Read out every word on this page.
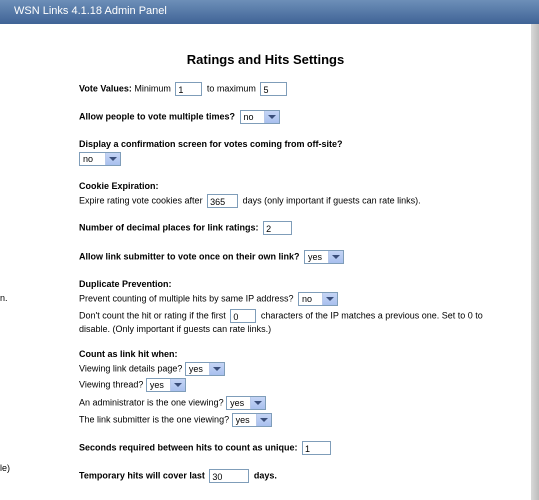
WSN Links 4.1.18 Admin Panel
n.
le)
Ratings and Hits Settings
Vote Values: Minimum 1	to maximum 5
Allow people to vote multiple times? no
Display a confirmation screen for votes coming from off-site?
no
Cookie Expiration:
Expire rating vote cookies after 365 days (only important if guests can rate links).
Number of decimal places for link ratings: 2
Allow link submitter to vote once on their own link? yes
Duplicate Prevention:
Prevent counting of multiple hits by same IP address? no
Don't count the hit or rating if the first 0	characters of the IP matches a previous one. Set to 0 to
disable. (Only important if guests can rate links.)
Count as link hit when:
Viewing link details page? yes
Viewing thread? yes
An administrator is the one viewing? yes
The link submitter is the one viewing? yes
Seconds required between hits to count as unique: 1
Temporary hits will cover last 30	days.
